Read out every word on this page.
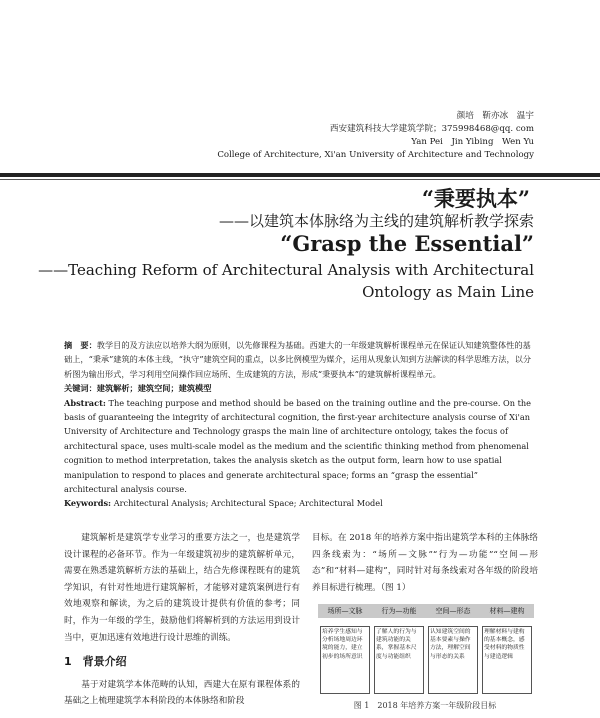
颜培　靳亦冰　温宇
西安建筑科技大学建筑学院；375998468@qq. com
Yan Pei　Jin Yibing　Wen Yu
College of Architecture, Xi'an University of Architecture and Technology
“秉要执本”
——以建筑本体脉络为主线的建筑解析教学探索
“Grasp the Essential”
——Teaching Reform of Architectural Analysis with Architectural Ontology as Main Line

摘　要：教学目的及方法应以培养大纲为原则，以先修课程为基础。西建大的一年级建筑解析课程单元在保证认知建筑整体性的基础上，“秉承”建筑的本体主线，“执守”建筑空间的重点，以多比例模型为媒介，运用从现象认知到方法解读的科学思维方法，以分析图为输出形式，学习利用空间操作回应场所、生成建筑的方法，形成“秉要执本”的建筑解析课程单元。

关键词：建筑解析；建筑空间；建筑模型

Abstract: The teaching purpose and method should be based on the training outline and the pre-course. On the basis of guaranteeing the integrity of architectural cognition, the first-year architecture analysis course of Xi'an University of Architecture and Technology grasps the main line of architecture ontology, takes the focus of architectural space, uses multi-scale model as the medium and the scientific thinking method from phenomenal cognition to method interpretation, takes the analysis sketch as the output form, learn how to use spatial manipulation to respond to places and generate architectural space; forms an “grasp the essential” architectural analysis course.

Keywords: Architectural Analysis; Architectural Space; Architectural Model

建筑解析是建筑学专业学习的重要方法之一，也是建筑学设计课程的必备环节。作为一年级建筑初步的建筑解析单元，需要在熟悉建筑解析方法的基础上，结合先修课程既有的建筑学知识，有针对性地进行建筑解析，才能够对建筑案例进行有效地观察和解读，为之后的建筑设计提供有价值的参考；同时，作为一年级的学生，鼓励他们将解析到的方法运用到设计当中，更加迅速有效地进行设计思维的训练。

1　背景介绍

基于对建筑学本体范畴的认知，西建大在原有课程体系的基础之上梳理建筑学本科阶段的本体脉络和阶段

目标。在 2018 年的培养方案中指出建筑学本科的主体脉络四条线索为：“场所—文脉”“行为—功能”“空间—形态”和“材料—建构”，同时针对每条线索对各年级的阶段培养目标进行梳理。（图 1）

场所—文脉	行为—功能	空间—形态	材料—建构
培养学生感知与分析场地周边环境的能力，建立初步的场所意识
了解人的行为与建筑功能的关系，掌握基本尺度与功能组织
认知建筑空间的基本要素与操作方法，理解空间与形态的关系
理解材料与建构的基本概念，感受材料的物质性与建造逻辑
图 1　2018 年培养方案一年级阶段目标
